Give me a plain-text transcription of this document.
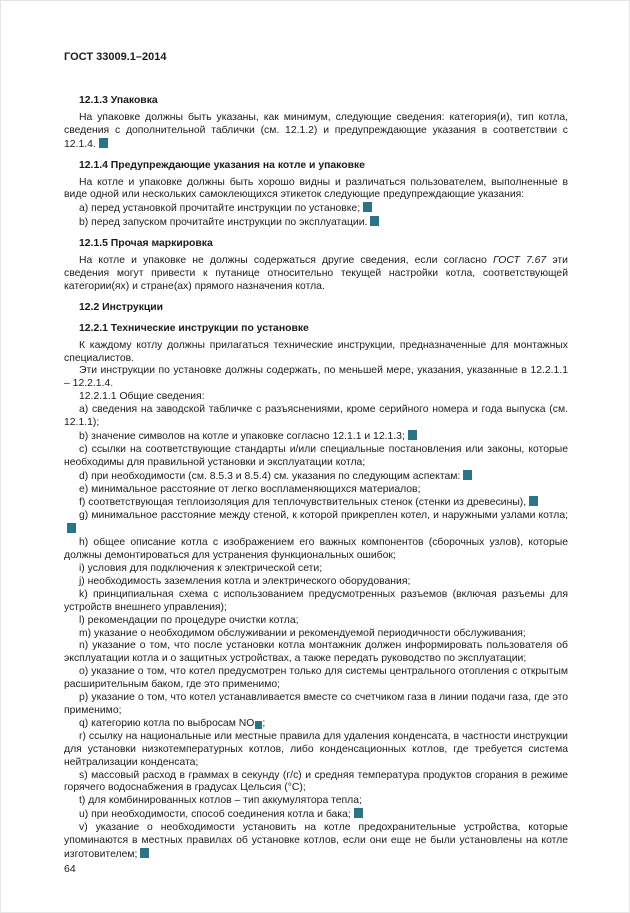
ГОСТ 33009.1–2014
12.1.3 Упаковка
На упаковке должны быть указаны, как минимум, следующие сведения: категория(и), тип котла, сведения с дополнительной таблички (см. 12.1.2) и предупреждающие указания в соответствии с 12.1.4.
12.1.4 Предупреждающие указания на котле и упаковке
На котле и упаковке должны быть хорошо видны и различаться пользователем, выполненные в виде одной или нескольких самоклеющихся этикеток следующие предупреждающие указания:
a) перед установкой прочитайте инструкции по установке;
b) перед запуском прочитайте инструкции по эксплуатации.
12.1.5 Прочая маркировка
На котле и упаковке не должны содержаться другие сведения, если согласно ГОСТ 7.67 эти сведения могут привести к путанице относительно текущей настройки котла, соответствующей категории(ях) и стране(ах) прямого назначения котла.
12.2 Инструкции
12.2.1 Технические инструкции по установке
К каждому котлу должны прилагаться технические инструкции, предназначенные для монтажных специалистов.
Эти инструкции по установке должны содержать, по меньшей мере, указания, указанные в 12.2.1.1 – 12.2.1.4.
12.2.1.1 Общие сведения:
a) сведения на заводской табличке с разъяснениями, кроме серийного номера и года выпуска (см. 12.1.1);
b) значение символов на котле и упаковке согласно 12.1.1 и 12.1.3;
c) ссылки на соответствующие стандарты и/или специальные постановления или законы, которые необходимы для правильной установки и эксплуатации котла;
d) при необходимости (см. 8.5.3 и 8.5.4) см. указания по следующим аспектам:
e) минимальное расстояние от легко воспламеняющихся материалов;
f) соответствующая теплоизоляция для теплочувствительных стенок (стенки из древесины),
g) минимальное расстояние между стеной, к которой прикреплен котел, и наружными узлами котла;
h) общее описание котла с изображением его важных компонентов (сборочных узлов), которые должны демонтироваться для устранения функциональных ошибок;
i) условия для подключения к электрической сети;
j) необходимость заземления котла и электрического оборудования;
k) принципиальная схема с использованием предусмотренных разъемов (включая разъемы для устройств внешнего управления);
l) рекомендации по процедуре очистки котла;
m) указание о необходимом обслуживании и рекомендуемой периодичности обслуживания;
n) указание о том, что после установки котла монтажник должен информировать пользователя об эксплуатации котла и о защитных устройствах, а также передать руководство по эксплуатации;
o) указание о том, что котел предусмотрен только для системы центрального отопления с открытым расширительным баком, где это применимо;
p) указание о том, что котел устанавливается вместе со счетчиком газа в линии подачи газа, где это применимо;
q) категорию котла по выбросам NO ;
r) ссылку на национальные или местные правила для удаления конденсата, в частности инструкции для установки низкотемпературных котлов, либо конденсационных котлов, где требуется система нейтрализации конденсата;
s) массовый расход в граммах в секунду (г/с) и средняя температура продуктов сгорания в режиме горячего водоснабжения в градусах Цельсия (°С);
t) для комбинированных котлов – тип аккумулятора тепла;
u) при необходимости, способ соединения котла и бака;
v) указание о необходимости установить на котле предохранительные устройства, которые упоминаются в местных правилах об установке котлов, если они еще не были установлены на котле изготовителем;
64
